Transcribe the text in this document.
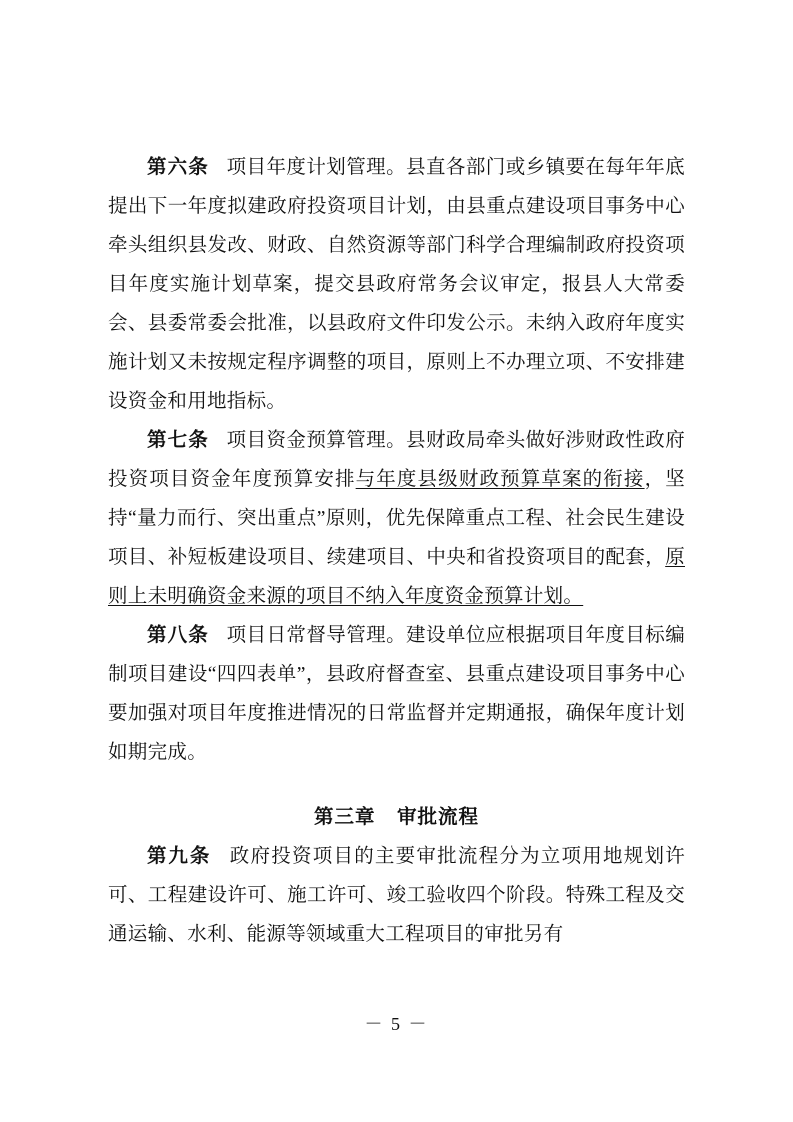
第六条 项目年度计划管理。县直各部门或乡镇要在每年年底提出下一年度拟建政府投资项目计划，由县重点建设项目事务中心牵头组织县发改、财政、自然资源等部门科学合理编制政府投资项目年度实施计划草案，提交县政府常务会议审定，报县人大常委会、县委常委会批准，以县政府文件印发公示。未纳入政府年度实施计划又未按规定程序调整的项目，原则上不办理立项、不安排建设资金和用地指标。

第七条 项目资金预算管理。县财政局牵头做好涉财政性政府投资项目资金年度预算安排与年度县级财政预算草案的衔接，坚持“量力而行、突出重点”原则，优先保障重点工程、社会民生建设项目、补短板建设项目、续建项目、中央和省投资项目的配套，原则上未明确资金来源的项目不纳入年度资金预算计划。

第八条 项目日常督导管理。建设单位应根据项目年度目标编制项目建设“四四表单”，县政府督查室、县重点建设项目事务中心要加强对项目年度推进情况的日常监督并定期通报，确保年度计划如期完成。

第三章 审批流程

第九条 政府投资项目的主要审批流程分为立项用地规划许可、工程建设许可、施工许可、竣工验收四个阶段。特殊工程及交通运输、水利、能源等领域重大工程项目的审批另有

－ 5 －
